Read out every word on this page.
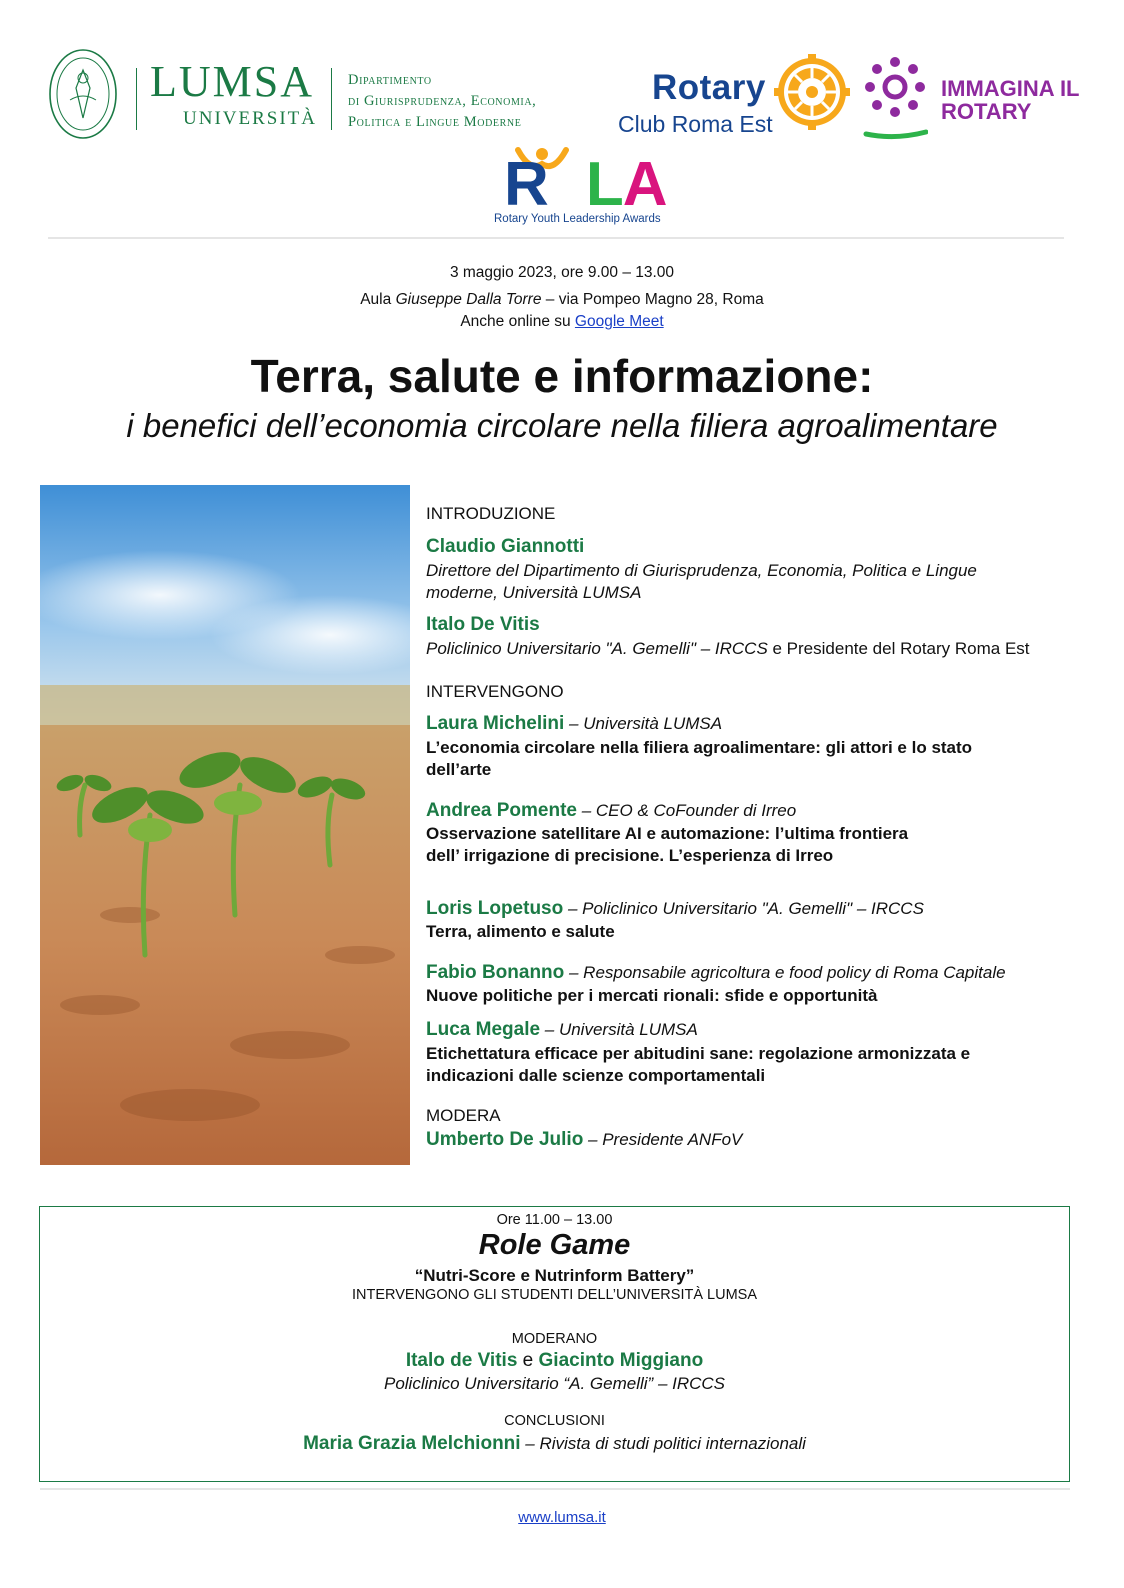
LUMSA
UNIVERSITÀ
Dipartimento
di Giurisprudenza, Economia,
Politica e Lingue Moderne
Rotary
Club Roma Est
IMMAGINA IL
ROTARY
R LA
Rotary Youth Leadership Awards
3 maggio 2023, ore 9.00 – 13.00
Aula Giuseppe Dalla Torre – via Pompeo Magno 28, Roma
Anche online su Google Meet
Terra, salute e informazione:
i benefici dell’economia circolare nella filiera agroalimentare
INTRODUZIONE
Claudio Giannotti
Direttore del Dipartimento di Giurisprudenza, Economia, Politica e Lingue
moderne, Università LUMSA
Italo De Vitis
Policlinico Universitario "A. Gemelli" – IRCCS e Presidente del Rotary Roma Est
INTERVENGONO
Laura Michelini – Università LUMSA
L’economia circolare nella filiera agroalimentare: gli attori e lo stato
dell’arte
Andrea Pomente – CEO & CoFounder di Irreo
Osservazione satellitare AI e automazione: l’ultima frontiera
dell’ irrigazione di precisione. L’esperienza di Irreo
Loris Lopetuso – Policlinico Universitario "A. Gemelli" – IRCCS
Terra, alimento e salute
Fabio Bonanno – Responsabile agricoltura e food policy di Roma Capitale
Nuove politiche per i mercati rionali: sfide e opportunità
Luca Megale – Università LUMSA
Etichettatura efficace per abitudini sane: regolazione armonizzata e
indicazioni dalle scienze comportamentali
MODERA
Umberto De Julio – Presidente ANFoV
Ore 11.00 – 13.00
Role Game
“Nutri-Score e Nutrinform Battery”
INTERVENGONO GLI STUDENTI DELL’UNIVERSITÀ LUMSA
MODERANO
Italo de Vitis e Giacinto Miggiano
Policlinico Universitario “A. Gemelli” – IRCCS
CONCLUSIONI
Maria Grazia Melchionni – Rivista di studi politici internazionali
www.lumsa.it
